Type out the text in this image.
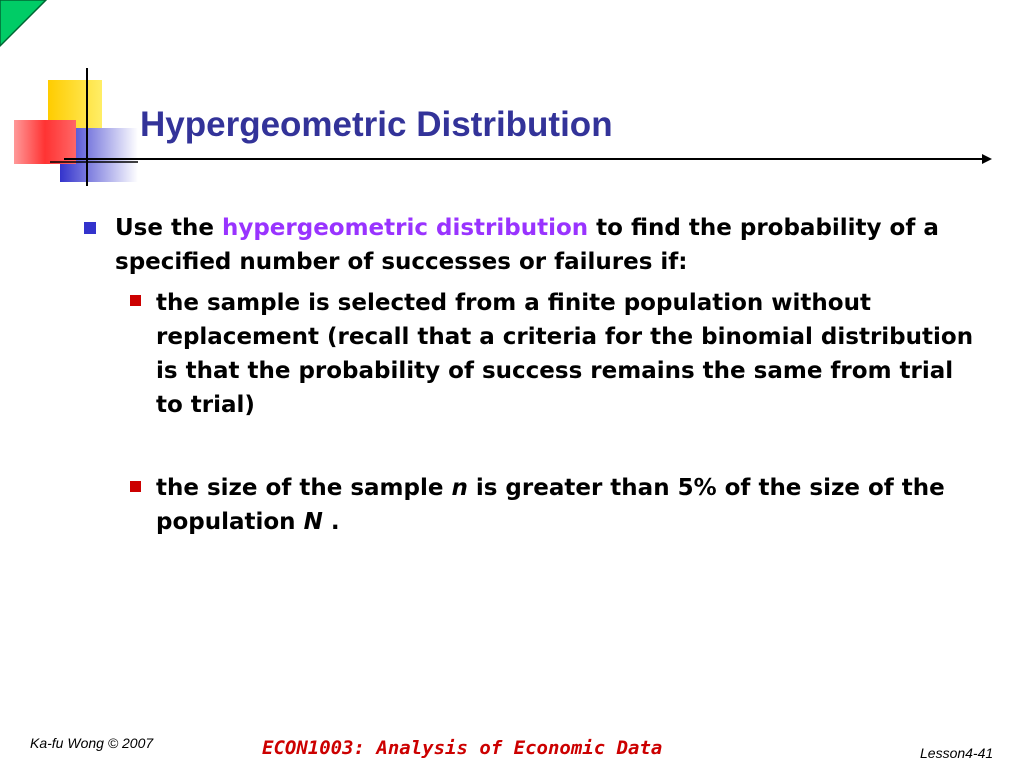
Hypergeometric Distribution
Use the hypergeometric distribution to find the probability of a specified number of successes or failures if:
the sample is selected from a finite population without replacement (recall that a criteria for the binomial distribution is that the probability of success remains the same from trial to trial)
the size of the sample n is greater than 5% of the size of the population N .
Ka-fu Wong © 2007	ECON1003: Analysis of Economic Data	Lesson4-41
